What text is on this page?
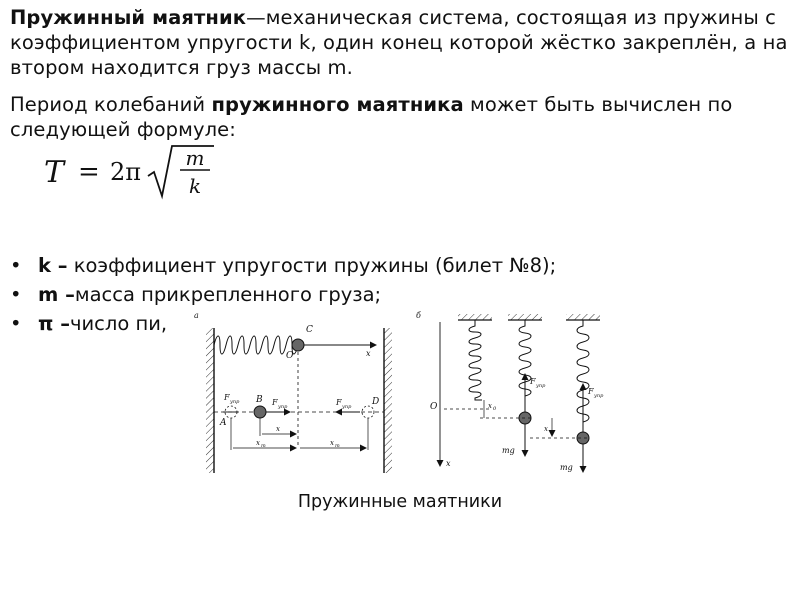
Пружинный маятник—механическая система, состоящая из пружины с коэффициентом упругости k, один конец которой жёстко закреплён, а на втором находится груз массы m.
Период колебаний пружинного маятника может быть вычислен по следующей формуле:
T = 2π m
k
• k – коэффициент упругости пружины (билет №8);
• m –масса прикрепленного груза;
• π –число пи,	а
C
O	x
F упр B F упр	F упр
A
D
x
x m	x m
б
x
O
F упр
mg
x 0
F упр
mg
x
Пружинные маятники
